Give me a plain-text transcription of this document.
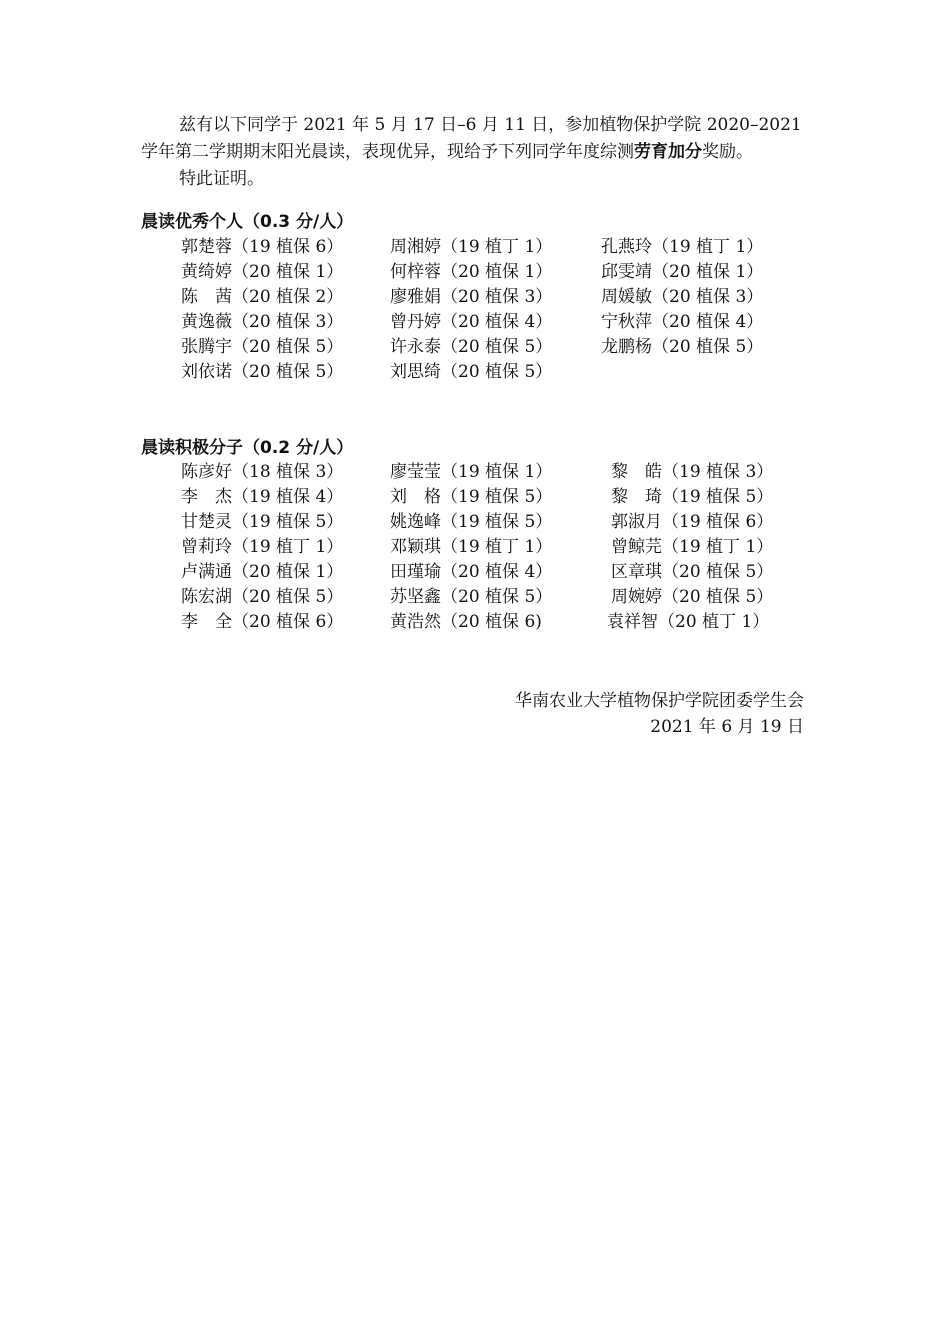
兹有以下同学于 2021 年 5 月 17 日–6 月 11 日，参加植物保护学院 2020–2021

学年第二学期期末阳光晨读，表现优异，现给予下列同学年度综测劳育加分奖励。

特此证明。

晨读优秀个人（0.3 分/人）
郭楚蓉（19 植保 6）	周湘婷（19 植丁 1）	孔燕玲（19 植丁 1）
黄绮婷（20 植保 1）	何梓蓉（20 植保 1）	邱雯靖（20 植保 1）
陈　茜（20 植保 2）	廖雅娟（20 植保 3）	周媛敏（20 植保 3）
黄逸薇（20 植保 3）	曾丹婷（20 植保 4）	宁秋萍（20 植保 4）
张腾宇（20 植保 5）	许永泰（20 植保 5）	龙鹏杨（20 植保 5）
刘依诺（20 植保 5）	刘思绮（20 植保 5）
晨读积极分子（0.2 分/人）
陈彦好（18 植保 3）	廖莹莹（19 植保 1）	黎　皓（19 植保 3）
李　杰（19 植保 4）	刘　格（19 植保 5）	黎　琦（19 植保 5）
甘楚灵（19 植保 5）	姚逸峰（19 植保 5）	郭淑月（19 植保 6）
曾莉玲（19 植丁 1）	邓颖琪（19 植丁 1）	曾鲸芫（19 植丁 1）
卢满通（20 植保 1）	田瑾瑜（20 植保 4）	区章琪（20 植保 5）
陈宏湖（20 植保 5）	苏坚鑫（20 植保 5）	周婉婷（20 植保 5）
李　全（20 植保 6）	黄浩然（20 植保 6)	袁祥智（20 植丁 1）
华南农业大学植物保护学院团委学生会
2021 年 6 月 19 日
